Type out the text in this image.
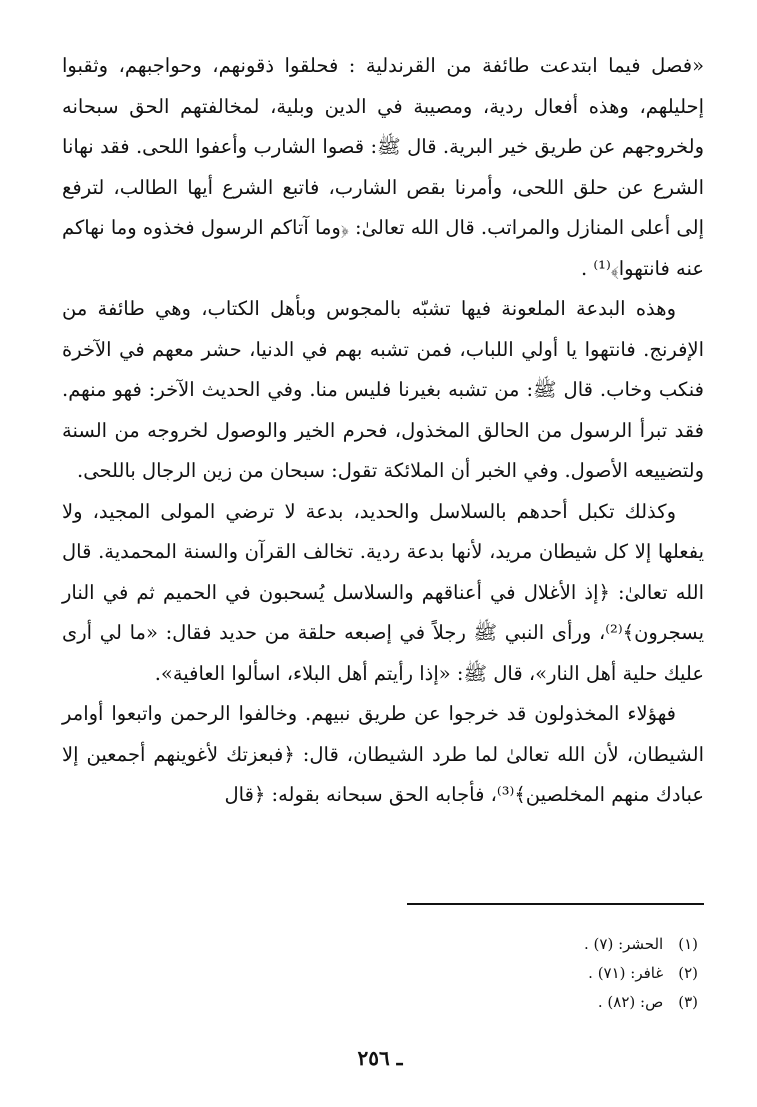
«فصل فيما ابتدعت طائفة من القرندلية : فحلقوا ذقونهم، وحواجبهم، وثقبوا إحليلهم، وهذه أفعال ردية، ومصيبة في الدين وبلية، لمخالفتهم الحق سبحانه ولخروجهم عن طريق خير البرية. قال ﷺ: قصوا الشارب وأعفوا اللحى. فقد نهانا الشرع عن حلق اللحى، وأمرنا بقص الشارب، فاتبع الشرع أيها الطالب، لترفع إلى أعلى المنازل والمراتب. قال الله تعالىٰ: ﴿وما آتاكم الرسول فخذوه وما نهاكم عنه فانتهوا﴾⁽¹⁾ .

وهذه البدعة الملعونة فيها تشبّه بالمجوس وبأهل الكتاب، وهي طائفة من الإفرنج. فانتهوا يا أولي اللباب، فمن تشبه بهم في الدنيا، حشر معهم في الآخرة فنكب وخاب. قال ﷺ: من تشبه بغيرنا فليس منا. وفي الحديث الآخر: فهو منهم. فقد تبرأ الرسول من الحالق المخذول، فحرم الخير والوصول لخروجه من السنة ولتضييعه الأصول. وفي الخبر أن الملائكة تقول: سبحان من زين الرجال باللحى.

وكذلك تكبل أحدهم بالسلاسل والحديد، بدعة لا ترضي المولى المجيد، ولا يفعلها إلا كل شيطان مريد، لأنها بدعة ردية. تخالف القرآن والسنة المحمدية. قال الله تعالىٰ: ﴿إذ الأغلال في أعناقهم والسلاسل يُسحبون في الحميم ثم في النار يسجرون﴾⁽²⁾، ورأى النبي ﷺ رجلاً في إصبعه حلقة من حديد فقال: «ما لي أرى عليك حلية أهل النار»، قال ﷺ: «إذا رأيتم أهل البلاء، اسألوا العافية».

فهؤلاء المخذولون قد خرجوا عن طريق نبيهم. وخالفوا الرحمن واتبعوا أوامر الشيطان، لأن الله تعالىٰ لما طرد الشيطان، قال: ﴿فبعزتك لأغوينهم أجمعين إلا عبادك منهم المخلصين﴾⁽³⁾، فأجابه الحق سبحانه بقوله: ﴿قال

(١) الحشر: (٧) .
(٢) غافر: (٧١) .
(٣) ص: (٨٢) .
ـ ٢٥٦
